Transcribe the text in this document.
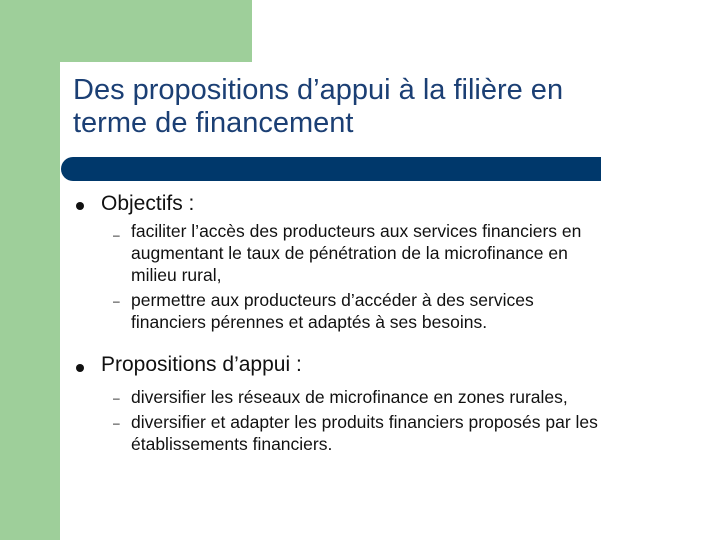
Des propositions d’appui à la filière en
terme de financement
Objectifs :
– faciliter l’accès des producteurs aux services financiers en
augmentant le taux de pénétration de la microfinance en
milieu rural,
– permettre aux producteurs d’accéder à des services
financiers pérennes et adaptés à ses besoins.
Propositions d’appui :
– diversifier les réseaux de microfinance en zones rurales,
– diversifier et adapter les produits financiers proposés par les
établissements financiers.
